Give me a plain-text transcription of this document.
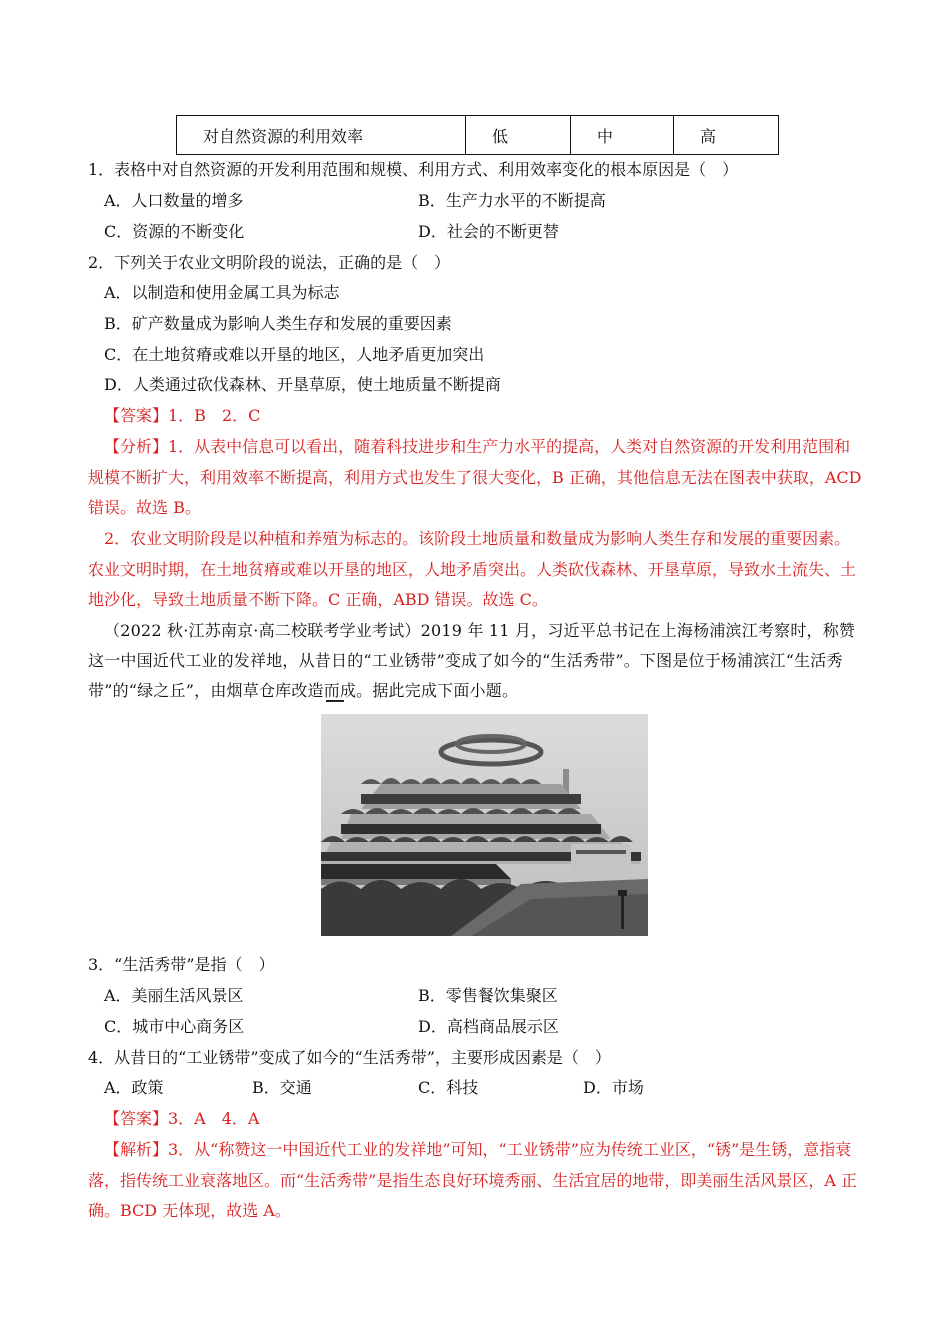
对自然资源的利用效率	低	中	高
1．表格中对自然资源的开发利用范围和规模、利用方式、利用效率变化的根本原因是（　）
A．人口数量的增多	B．生产力水平的不断提高
C．资源的不断变化	D．社会的不断更替
2．下列关于农业文明阶段的说法，正确的是（　）
A．以制造和使用金属工具为标志
B．矿产数量成为影响人类生存和发展的重要因素
C．在土地贫瘠或难以开垦的地区，人地矛盾更加突出
D．人类通过砍伐森林、开垦草原，使土地质量不断提商
【答案】1．B　2．C
【分析】1．从表中信息可以看出，随着科技进步和生产力水平的提高，人类对自然资源的开发利用范围和规模不断扩大，利用效率不断提高，利用方式也发生了很大变化，B 正确，其他信息无法在图表中获取，ACD 错误。故选 B。
2．农业文明阶段是以种植和养殖为标志的。该阶段土地质量和数量成为影响人类生存和发展的重要因素。农业文明时期，在土地贫瘠或难以开垦的地区，人地矛盾突出。人类砍伐森林、开垦草原，导致水土流失、土地沙化，导致土地质量不断下降。C 正确，ABD 错误。故选 C。
（2022 秋·江苏南京·高二校联考学业考试）2019 年 11 月，习近平总书记在上海杨浦滨江考察时，称赞这一中国近代工业的发祥地，从昔日的“工业锈带”变成了如今的“生活秀带”。下图是位于杨浦滨江“生活秀带”的“绿之丘”，由烟草仓库改造而成。据此完成下面小题。
3．“生活秀带”是指（　）
A．美丽生活风景区	B．零售餐饮集聚区
C．城市中心商务区	D．高档商品展示区
4．从昔日的“工业锈带”变成了如今的“生活秀带”，主要形成因素是（　）
A．政策	B．交通	C．科技	D．市场
【答案】3．A　4．A
【解析】3．从“称赞这一中国近代工业的发祥地”可知，“工业锈带”应为传统工业区，“锈”是生锈，意指衰落，指传统工业衰落地区。而“生活秀带”是指生态良好环境秀丽、生活宜居的地带，即美丽生活风景区，A 正确。BCD 无体现，故选 A。
